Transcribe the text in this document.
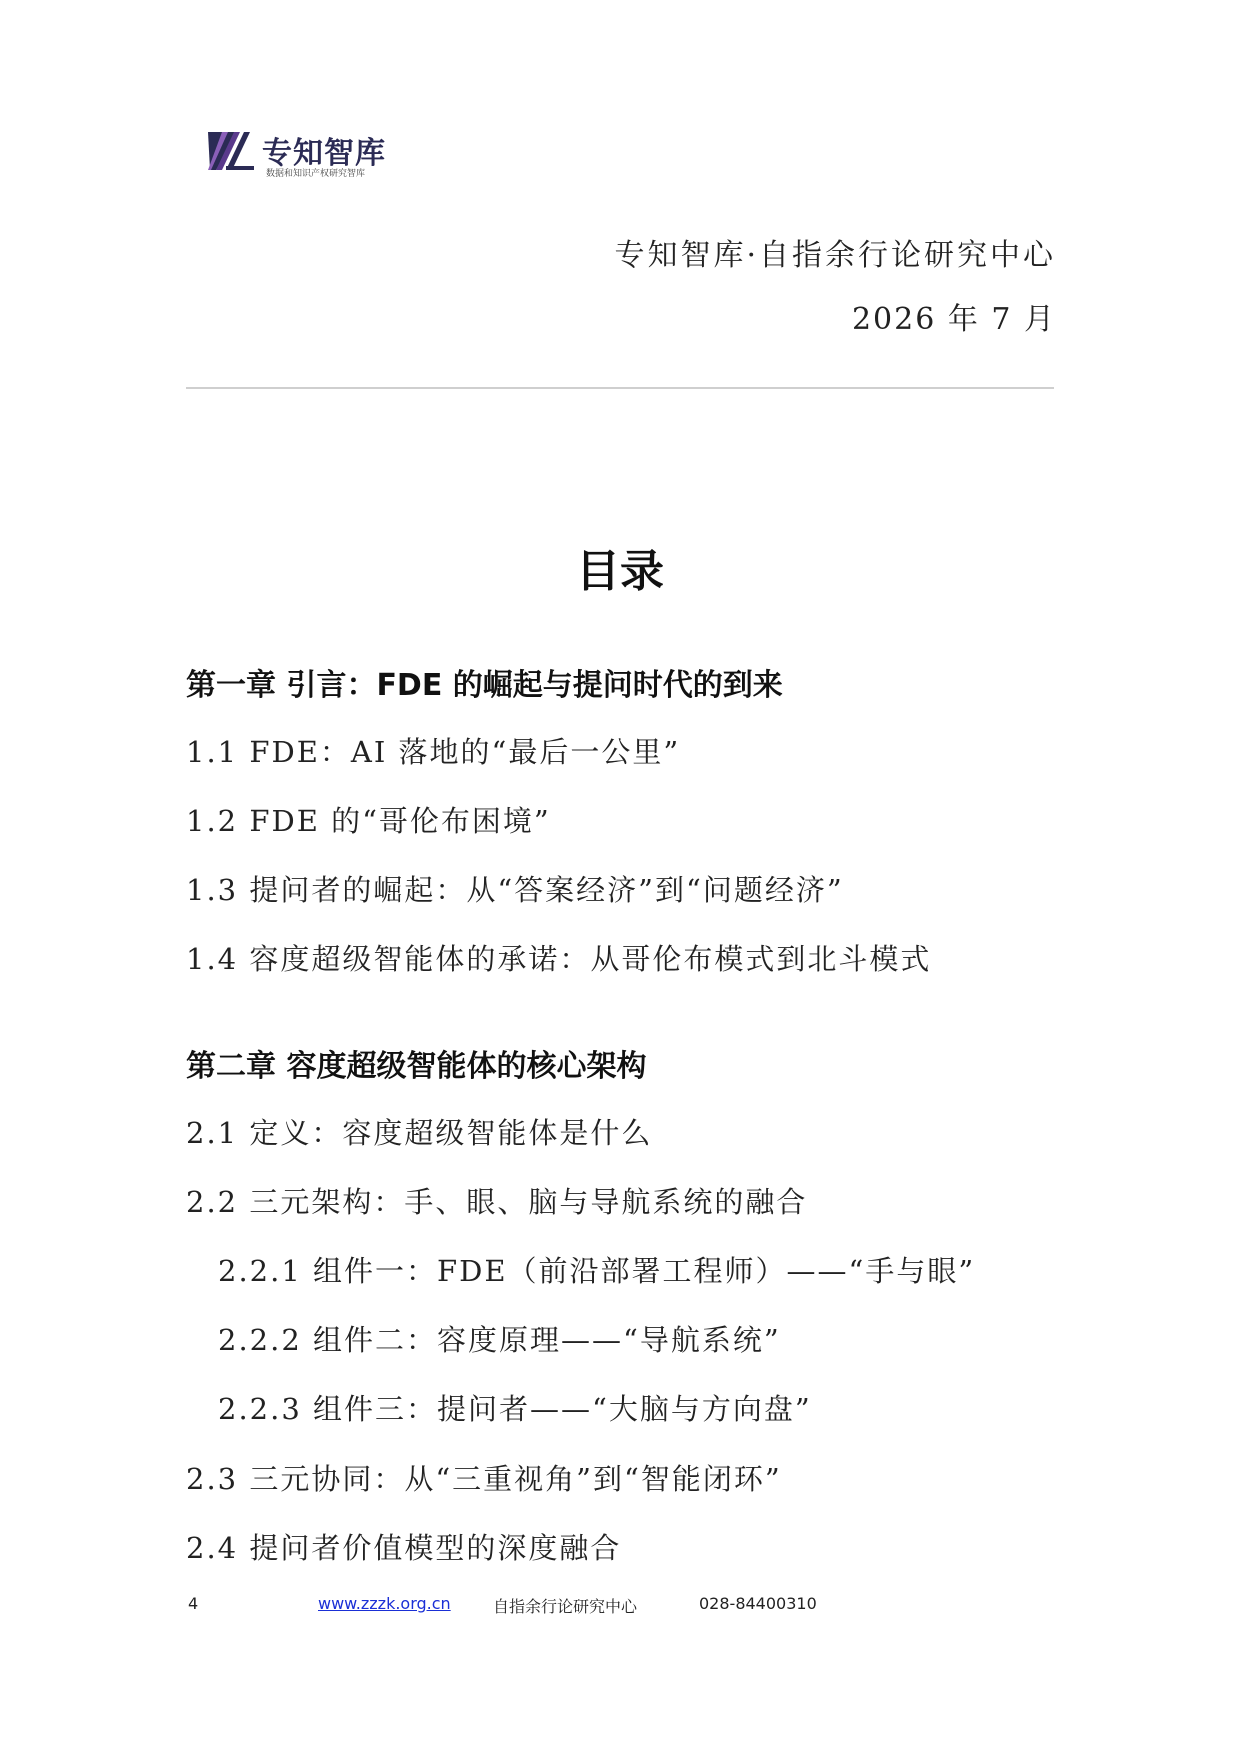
专知智库
数据和知识产权研究智库
专知智库·自指余行论研究中心
2026 年 7 月
目录
第一章 引言：FDE 的崛起与提问时代的到来
1.1 FDE：AI 落地的“最后一公里”
1.2 FDE 的“哥伦布困境”
1.3 提问者的崛起：从“答案经济”到“问题经济”
1.4 容度超级智能体的承诺：从哥伦布模式到北斗模式
第二章 容度超级智能体的核心架构
2.1 定义：容度超级智能体是什么
2.2 三元架构：手、眼、脑与导航系统的融合
2.2.1 组件一：FDE（前沿部署工程师）——“手与眼”
2.2.2 组件二：容度原理——“导航系统”
2.2.3 组件三：提问者——“大脑与方向盘”
2.3 三元协同：从“三重视角”到“智能闭环”
2.4 提问者价值模型的深度融合
4	www.zzzk.org.cn	自指余行论研究中心	028-84400310
